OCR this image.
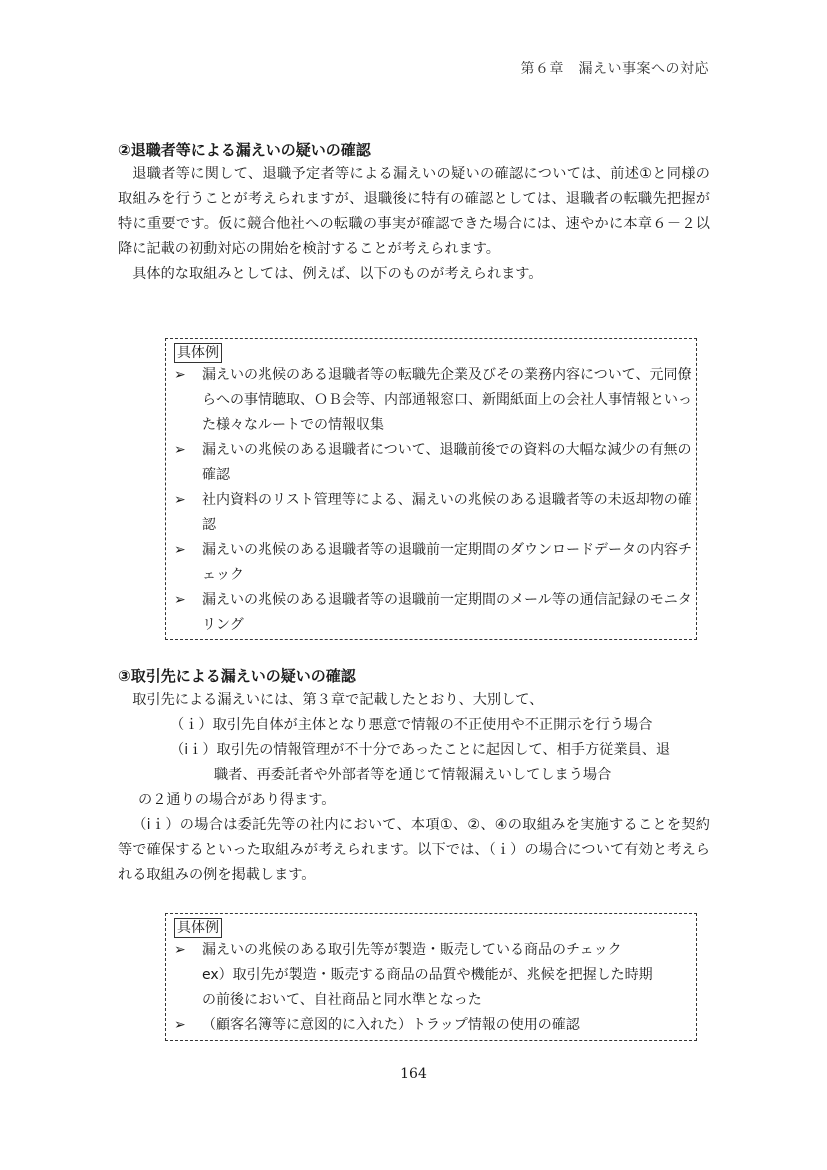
第６章　漏えい事案への対応

②退職者等による漏えいの疑いの確認

退職者等に関して、退職予定者等による漏えいの疑いの確認については、前述①と同様の取組みを行うことが考えられますが、退職後に特有の確認としては、退職者の転職先把握が特に重要です。仮に競合他社への転職の事実が確認できた場合には、速やかに本章６－２以降に記載の初動対応の開始を検討することが考えられます。

具体的な取組みとしては、例えば、以下のものが考えられます。

具体例
➢	漏えいの兆候のある退職者等の転職先企業及びその業務内容について、元同僚らへの事情聴取、ＯＢ会等、内部通報窓口、新聞紙面上の会社人事情報といった様々なルートでの情報収集
➢	漏えいの兆候のある退職者について、退職前後での資料の大幅な減少の有無の確認
➢	社内資料のリスト管理等による、漏えいの兆候のある退職者等の未返却物の確認
➢	漏えいの兆候のある退職者等の退職前一定期間のダウンロードデータの内容チェック
➢	漏えいの兆候のある退職者等の退職前一定期間のメール等の通信記録のモニタリング

③取引先による漏えいの疑いの確認

取引先による漏えいには、第３章で記載したとおり、大別して、

（ｉ）取引先自体が主体となり悪意で情報の不正使用や不正開示を行う場合

（iｉ）取引先の情報管理が不十分であったことに起因して、相手方従業員、退

職者、再委託者や外部者等を通じて情報漏えいしてしまう場合

の２通りの場合があり得ます。

（iｉ）の場合は委託先等の社内において、本項①、②、④の取組みを実施することを契約等で確保するといった取組みが考えられます。以下では、（ｉ）の場合について有効と考えられる取組みの例を掲載します。

具体例
➢	漏えいの兆候のある取引先等が製造・販売している商品のチェック
ex）取引先が製造・販売する商品の品質や機能が、兆候を把握した時期
の前後において、自社商品と同水準となった
➢	（顧客名簿等に意図的に入れた）トラップ情報の使用の確認
164
